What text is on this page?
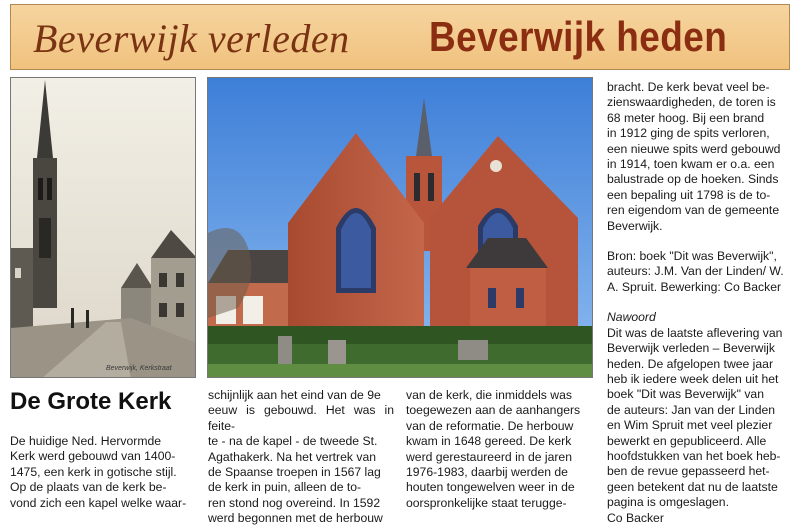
Beverwijk verleden Beverwijk heden
Beverwijk, Kerkstraat
De Grote Kerk

De huidige Ned. Hervormde

Kerk werd gebouwd van 1400-

1475, een kerk in gotische stijl.

Op de plaats van de kerk be-

vond zich een kapel welke waar-

schijnlijk aan het eind van de 9e

eeuw is gebouwd. Het was in feite-

te - na de kapel - de tweede St.

Agathakerk. Na het vertrek van

de Spaanse troepen in 1567 lag

de kerk in puin, alleen de to-

ren stond nog overeind. In 1592

werd begonnen met de herbouw

van de kerk, die inmiddels was

toegewezen aan de aanhangers

van de reformatie. De herbouw

kwam in 1648 gereed. De kerk

werd gerestaureerd in de jaren

1976-1983, daarbij werden de

houten tongewelven weer in de

oorspronkelijke staat terugge-

bracht. De kerk bevat veel be-

zienswaardigheden, de toren is

68 meter hoog. Bij een brand

in 1912 ging de spits verloren,

een nieuwe spits werd gebouwd

in 1914, toen kwam er o.a. een

balustrade op de hoeken. Sinds

een bepaling uit 1798 is de to-

ren eigendom van de gemeente

Beverwijk.

Bron: boek "Dit was Beverwijk",

auteurs: J.M. Van der Linden/ W.

A. Spruit. Bewerking: Co Backer

Nawoord

Dit was de laatste aflevering van

Beverwijk verleden – Beverwijk

heden. De afgelopen twee jaar

heb ik iedere week delen uit het

boek "Dit was Beverwijk" van

de auteurs: Jan van der Linden

en Wim Spruit met veel plezier

bewerkt en gepubliceerd. Alle

hoofdstukken van het boek heb-

ben de revue gepasseerd het-

geen betekent dat nu de laatste

pagina is omgeslagen.

Co Backer
